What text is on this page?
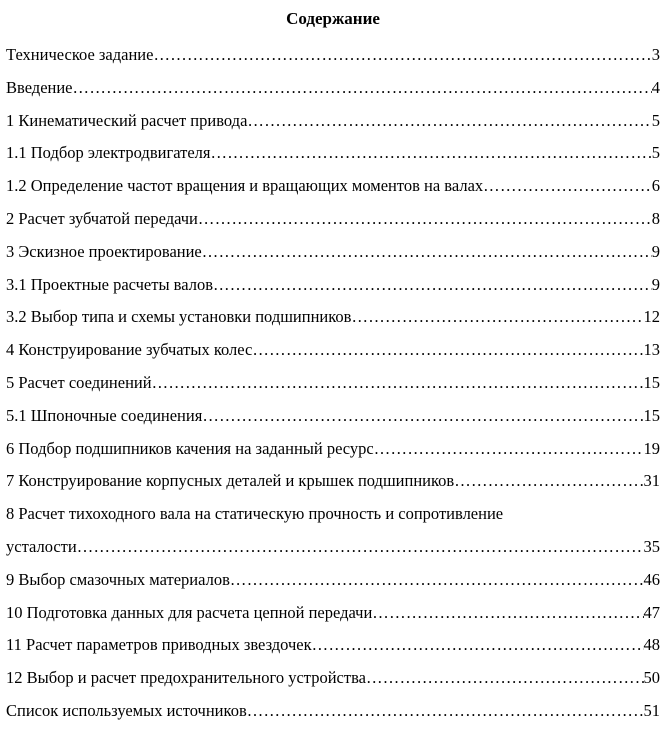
Содержание
Техническое задание ………………………………………………………………………………………………………………………………………………	3
Введение ………………………………………………………………………………………………………………………………………………	4
1 Кинематический расчет привода ………………………………………………………………………………………………………………………………………………	5
1.1 Подбор электродвигателя ………………………………………………………………………………………………………………………………………………	5
1.2 Определение частот вращения и вращающих моментов на валах ………………………………………………………………………………………………………………………………………………	6
2 Расчет зубчатой передачи ………………………………………………………………………………………………………………………………………………	8
3 Эскизное проектирование ………………………………………………………………………………………………………………………………………………	9
3.1 Проектные расчеты валов ………………………………………………………………………………………………………………………………………………	9
3.2 Выбор типа и схемы установки подшипников ………………………………………………………………………………………………………………………………………………	12
4 Конструирование зубчатых колес ………………………………………………………………………………………………………………………………………………	13
5 Расчет соединений ………………………………………………………………………………………………………………………………………………	15
5.1 Шпоночные соединения ………………………………………………………………………………………………………………………………………………	15
6 Подбор подшипников качения на заданный ресурс ………………………………………………………………………………………………………………………………………………	19
7 Конструирование корпусных деталей и крышек подшипников ………………………………………………………………………………………………………………………………………………	31
8 Расчет тихоходного вала на статическую прочность и сопротивление
усталости ………………………………………………………………………………………………………………………………………………	35
9 Выбор смазочных материалов ………………………………………………………………………………………………………………………………………………	46
10 Подготовка данных для расчета цепной передачи ………………………………………………………………………………………………………………………………………………	47
11 Расчет параметров приводных звездочек ………………………………………………………………………………………………………………………………………………	48
12 Выбор и расчет предохранительного устройства ………………………………………………………………………………………………………………………………………………	50
Список используемых источников ………………………………………………………………………………………………………………………………………………	51
